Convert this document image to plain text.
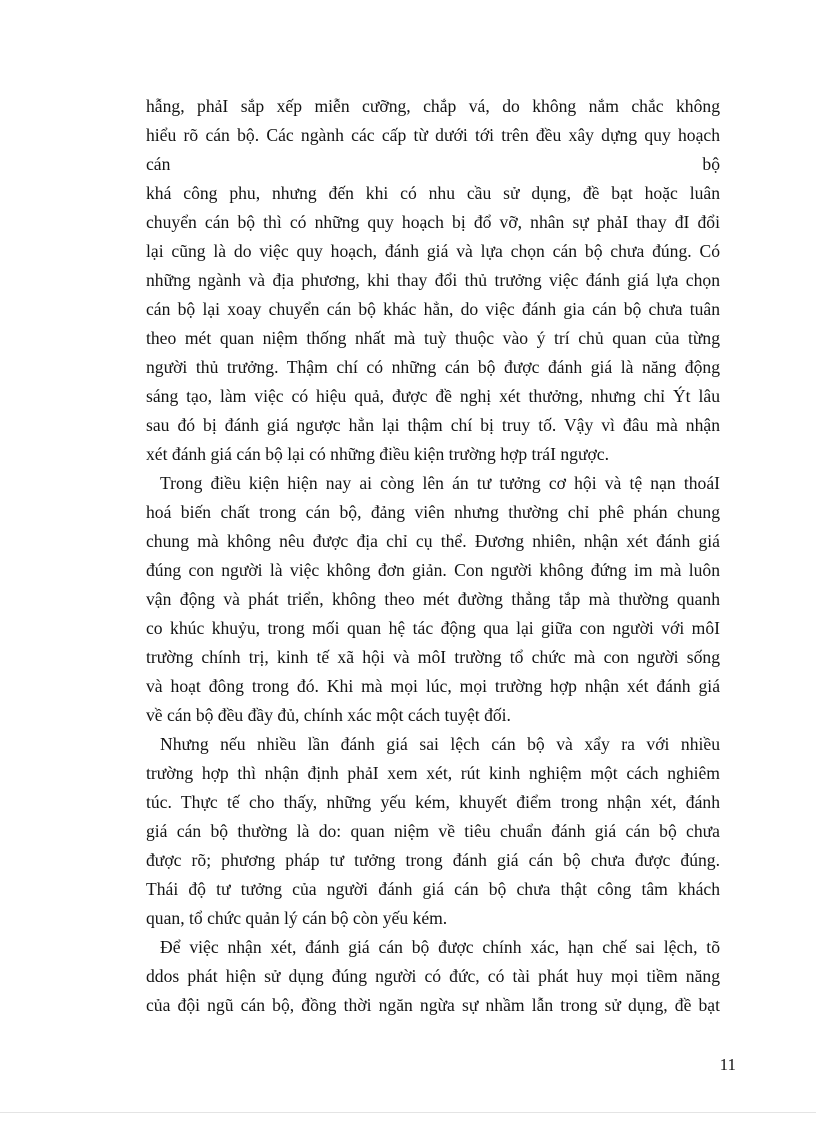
hẫng, phảI sắp xếp miễn cưỡng, chắp vá, do không nắm chắc không
hiểu rõ cán bộ. Các ngành các cấp từ dưới tới trên đều xây dựng quy hoạch
cán	bộ
khá công phu, nhưng đến khi có nhu cầu sử dụng, đề bạt hoặc luân
chuyển cán bộ thì có những quy hoạch bị đổ vỡ, nhân sự phảI thay đI đổi
lại cũng là do việc quy hoạch, đánh giá và lựa chọn cán bộ chưa đúng. Có
những ngành và địa phương, khi thay đổi thủ trưởng việc đánh giá lựa chọn
cán bộ lại xoay chuyển cán bộ khác hẳn, do việc đánh gia cán bộ chưa tuân
theo mét quan niệm thống nhất mà tuỳ thuộc vào ý trí chủ quan của từng
người thủ trưởng. Thậm chí có những cán bộ được đánh giá là năng động
sáng tạo, làm việc có hiệu quả, được đề nghị xét thưởng, nhưng chỉ Ýt lâu
sau đó bị đánh giá ngược hẳn lại thậm chí bị truy tố. Vậy vì đâu mà nhận
xét đánh giá cán bộ lại có những điều kiện trường hợp tráI ngược.
Trong điều kiện hiện nay ai còng lên án tư tưởng cơ hội và tệ nạn thoáI
hoá biến chất trong cán bộ, đảng viên nhưng thường chỉ phê phán chung
chung mà không nêu được địa chỉ cụ thể. Đương nhiên, nhận xét đánh giá
đúng con người là việc không đơn giản. Con người không đứng im mà luôn
vận động và phát triển, không theo mét đường thẳng tắp mà thường quanh
co khúc khuỷu, trong mối quan hệ tác động qua lại giữa con người với môI
trường chính trị, kinh tế xã hội và môI trường tổ chức mà con người sống
và hoạt đông trong đó. Khi mà mọi lúc, mọi trường hợp nhận xét đánh giá
về cán bộ đều đầy đủ, chính xác một cách tuyệt đối.
Nhưng nếu nhiều lần đánh giá sai lệch cán bộ và xẩy ra với nhiều
trường hợp thì nhận định phảI xem xét, rút kinh nghiệm một cách nghiêm
túc. Thực tế cho thấy, những yếu kém, khuyết điểm trong nhận xét, đánh
giá cán bộ thường là do: quan niệm về tiêu chuẩn đánh giá cán bộ chưa
được rõ; phương pháp tư tưởng trong đánh giá cán bộ chưa được đúng.
Thái độ tư tưởng của người đánh giá cán bộ chưa thật công tâm khách
quan, tổ chức quản lý cán bộ còn yếu kém.
Để việc nhận xét, đánh giá cán bộ được chính xác, hạn chế sai lệch, tõ
ddos phát hiện sử dụng đúng người có đức, có tài phát huy mọi tiềm năng
của đội ngũ cán bộ, đồng thời ngăn ngừa sự nhầm lẫn trong sử dụng, đề bạt
11
